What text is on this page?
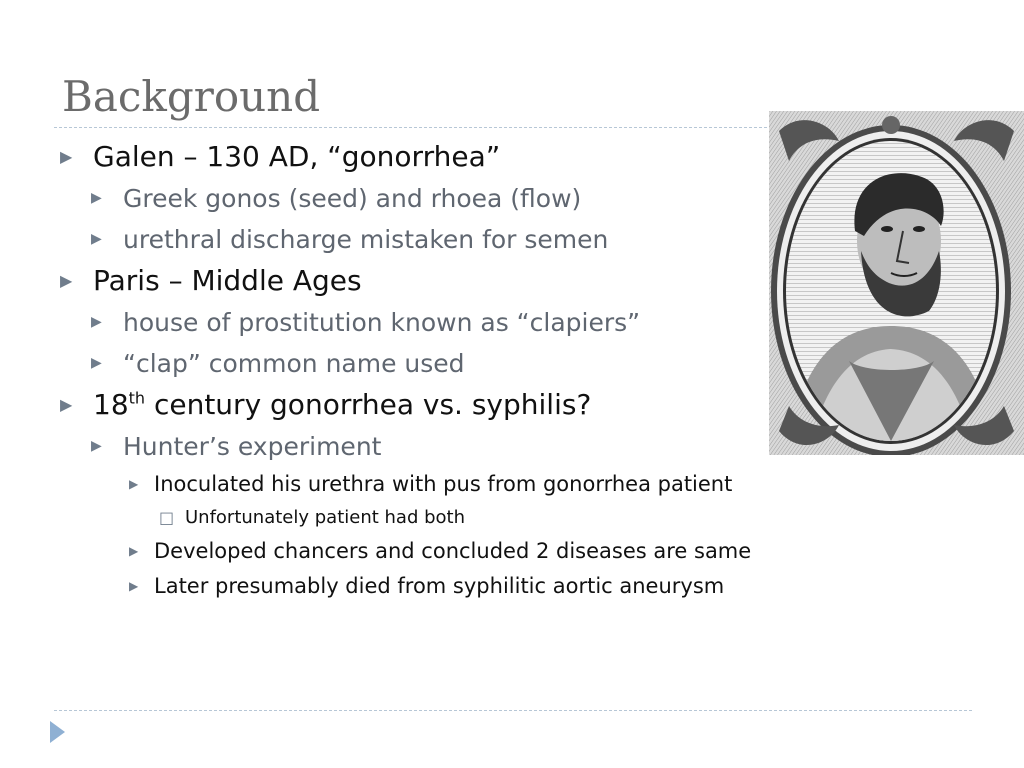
Background
▶ Galen – 130 AD, “gonorrhea”
▶ Greek gonos (seed) and rhoea (flow)
▶ urethral discharge mistaken for semen
▶ Paris – Middle Ages
▶ house of prostitution known as “clapiers”
▶ “clap” common name used
▶ 18th century gonorrhea vs. syphilis?
▶ Hunter’s experiment
▶ Inoculated his urethra with pus from gonorrhea patient
□ Unfortunately patient had both
▶ Developed chancers and concluded 2 diseases are same
▶ Later presumably died from syphilitic aortic aneurysm
